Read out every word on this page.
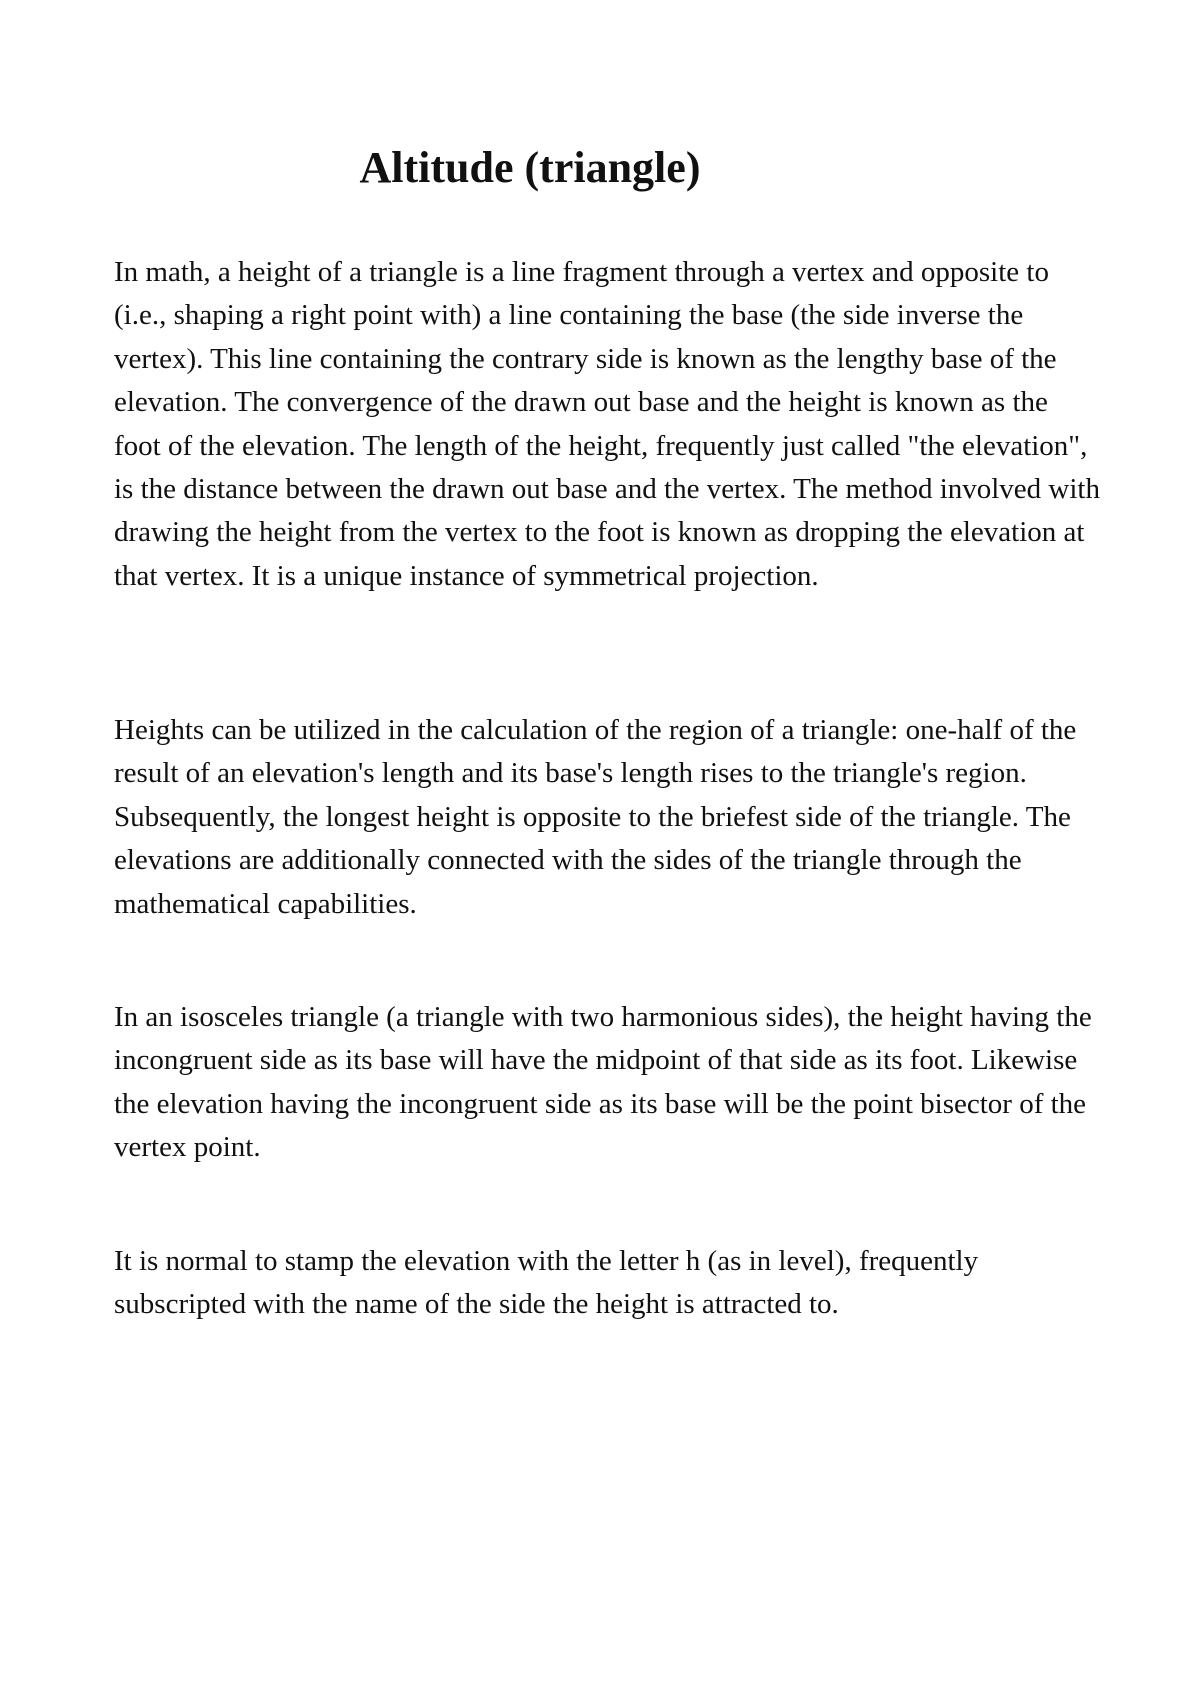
Altitude (triangle)

In math, a height of a triangle is a line fragment through a vertex and opposite to (i.e., shaping a right point with) a line containing the base (the side inverse the vertex). This line containing the contrary side is known as the lengthy base of the elevation. The convergence of the drawn out base and the height is known as the foot of the elevation. The length of the height, frequently just called "the elevation", is the distance between the drawn out base and the vertex. The method involved with drawing the height from the vertex to the foot is known as dropping the elevation at that vertex. It is a unique instance of symmetrical projection.

Heights can be utilized in the calculation of the region of a triangle: one-half of the result of an elevation's length and its base's length rises to the triangle's region. Subsequently, the longest height is opposite to the briefest side of the triangle. The elevations are additionally connected with the sides of the triangle through the mathematical capabilities.

In an isosceles triangle (a triangle with two harmonious sides), the height having the incongruent side as its base will have the midpoint of that side as its foot. Likewise the elevation having the incongruent side as its base will be the point bisector of the vertex point.

It is normal to stamp the elevation with the letter h (as in level), frequently subscripted with the name of the side the height is attracted to.
